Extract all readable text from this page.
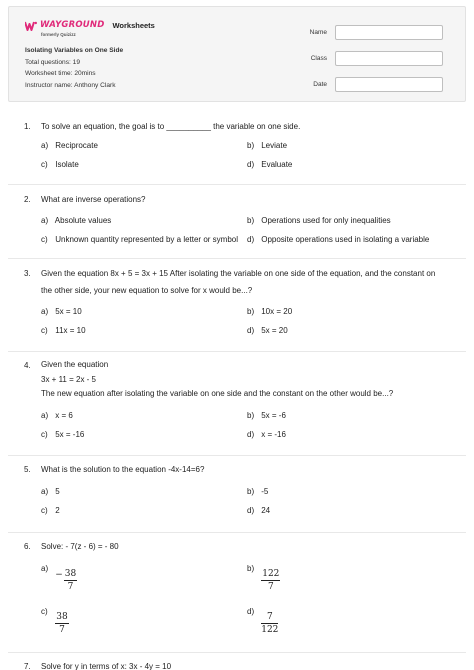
WAYGROUND
formerly Quizizz
Worksheets
Isolating Variables on One Side
Total questions: 19
Worksheet time: 20mins
Instructor name: Anthony Clark
Name
Class
Date
1.	To solve an equation, the goal is to __________ the variable on one side.
a) Reciprocate	b) Leviate
c) Isolate	d) Evaluate
2.	What are inverse operations?
a) Absolute values	b) Operations used for only inequalities
c) Unknown quantity represented by a letter or symbol d) Opposite operations used in isolating a variable
3.	Given the equation 8x + 5 = 3x + 15 After isolating the variable on one side of the equation, and the constant on
the other side, your new equation to solve for x would be...?
a) 5x = 10	b) 10x = 20
c) 11x = 10	d) 5x = 20
4.	Given the equation
3x + 11 = 2x - 5
The new equation after isolating the variable on one side and the constant on the other would be...?
a) x = 6	b) 5x = -6
c) 5x = -16	d) x = -16
5.	What is the solution to the equation -4x-14=6?
a) 5	b) -5
c) 2	d) 24
6.	Solve: - 7(z - 6) = - 80
$a) - \frac{38}{7}$	$b) \frac{122}{7}$
$c) \frac{38}{7}$	$d) \frac{7}{122}$
7.	Solve for y in terms of x: 3x - 4y = 10
